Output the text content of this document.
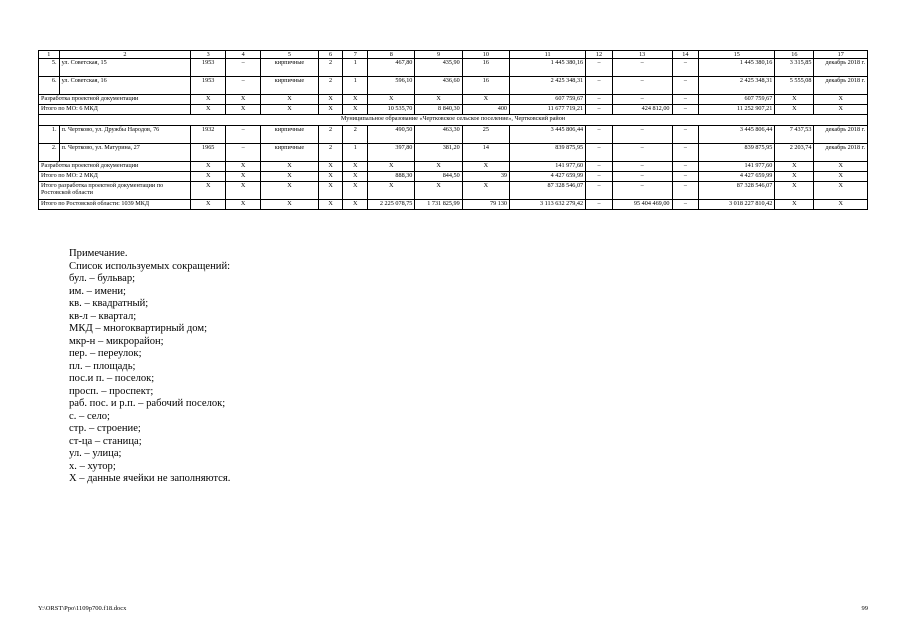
1	2	3	4	5	6	7	8	9	10	11	12	13	14	15	16	17
5.	ул. Советская, 15	1953	–	кирпичные	2	1	467,80	435,90	16	1 445 380,16	–	–	–	1 445 380,16	3 315,85	декабрь 2018 г.
6.	ул. Советская, 16	1953	–	кирпичные	2	1	596,10	436,60	16	2 425 348,31	–	–	–	2 425 348,31	5 555,08	декабрь 2018 г.
Разработка проектной документации		X	X	X	X	X	X	X	X	607 759,67	–	–	–	607 759,67	X	X
Итого по МО: 6 МКД		X	X	X	X	X	10 535,70	8 840,30	400	11 677 719,21	–	424 812,00	–	11 252 907,21	X	X
Муниципальное образование «Чертковское сельское поселение», Чертковский район																
1.	п. Чертково, ул. Дружбы Народов, 76	1932	–	кирпичные	2	2	490,50	463,30	25	3 445 806,44	–	–	–	3 445 806,44	7 437,53	декабрь 2018 г.
2.	п. Чертково, ул. Матурина, 27	1965	–	кирпичные	2	1	397,80	381,20	14	839 875,95	–	–	–	839 875,95	2 203,74	декабрь 2018 г.
Разработка проектной документации		X	X	X	X	X	X	X	X	141 977,60	–	–	–	141 977,60	X	X
Итого по МО: 2 МКД		X	X	X	X	X	888,30	844,50	39	4 427 659,99	–	–	–	4 427 659,99	X	X
Итого разработка проектной документации по Ростовской области		X	X	X	X	X	X	X	X	87 328 546,07	–	–	–	87 328 546,07	X	X
Итого по Ростовской области: 1039 МКД		X	X	X	X	X	2 225 078,75	1 731 825,99	79 130	3 113 632 279,42	–	95 404 469,00	–	3 018 227 810,42	X	X
Примечание.
Список используемых сокращений:
бул. – бульвар;
им. – имени;
кв. – квадратный;
кв-л – квартал;
МКД – многоквартирный дом;
мкр-н – микрорайон;
пер. – переулок;
пл. – площадь;
пос.и п. – поселок;
просп. – проспект;
раб. пос. и р.п. – рабочий поселок;
с. – село;
стр. – строение;
ст-ца – станица;
ул. – улица;
х. – хутор;
Х – данные ячейки не заполняются.
Y:\ORST\Ppo\1109p700.f18.docx	99
